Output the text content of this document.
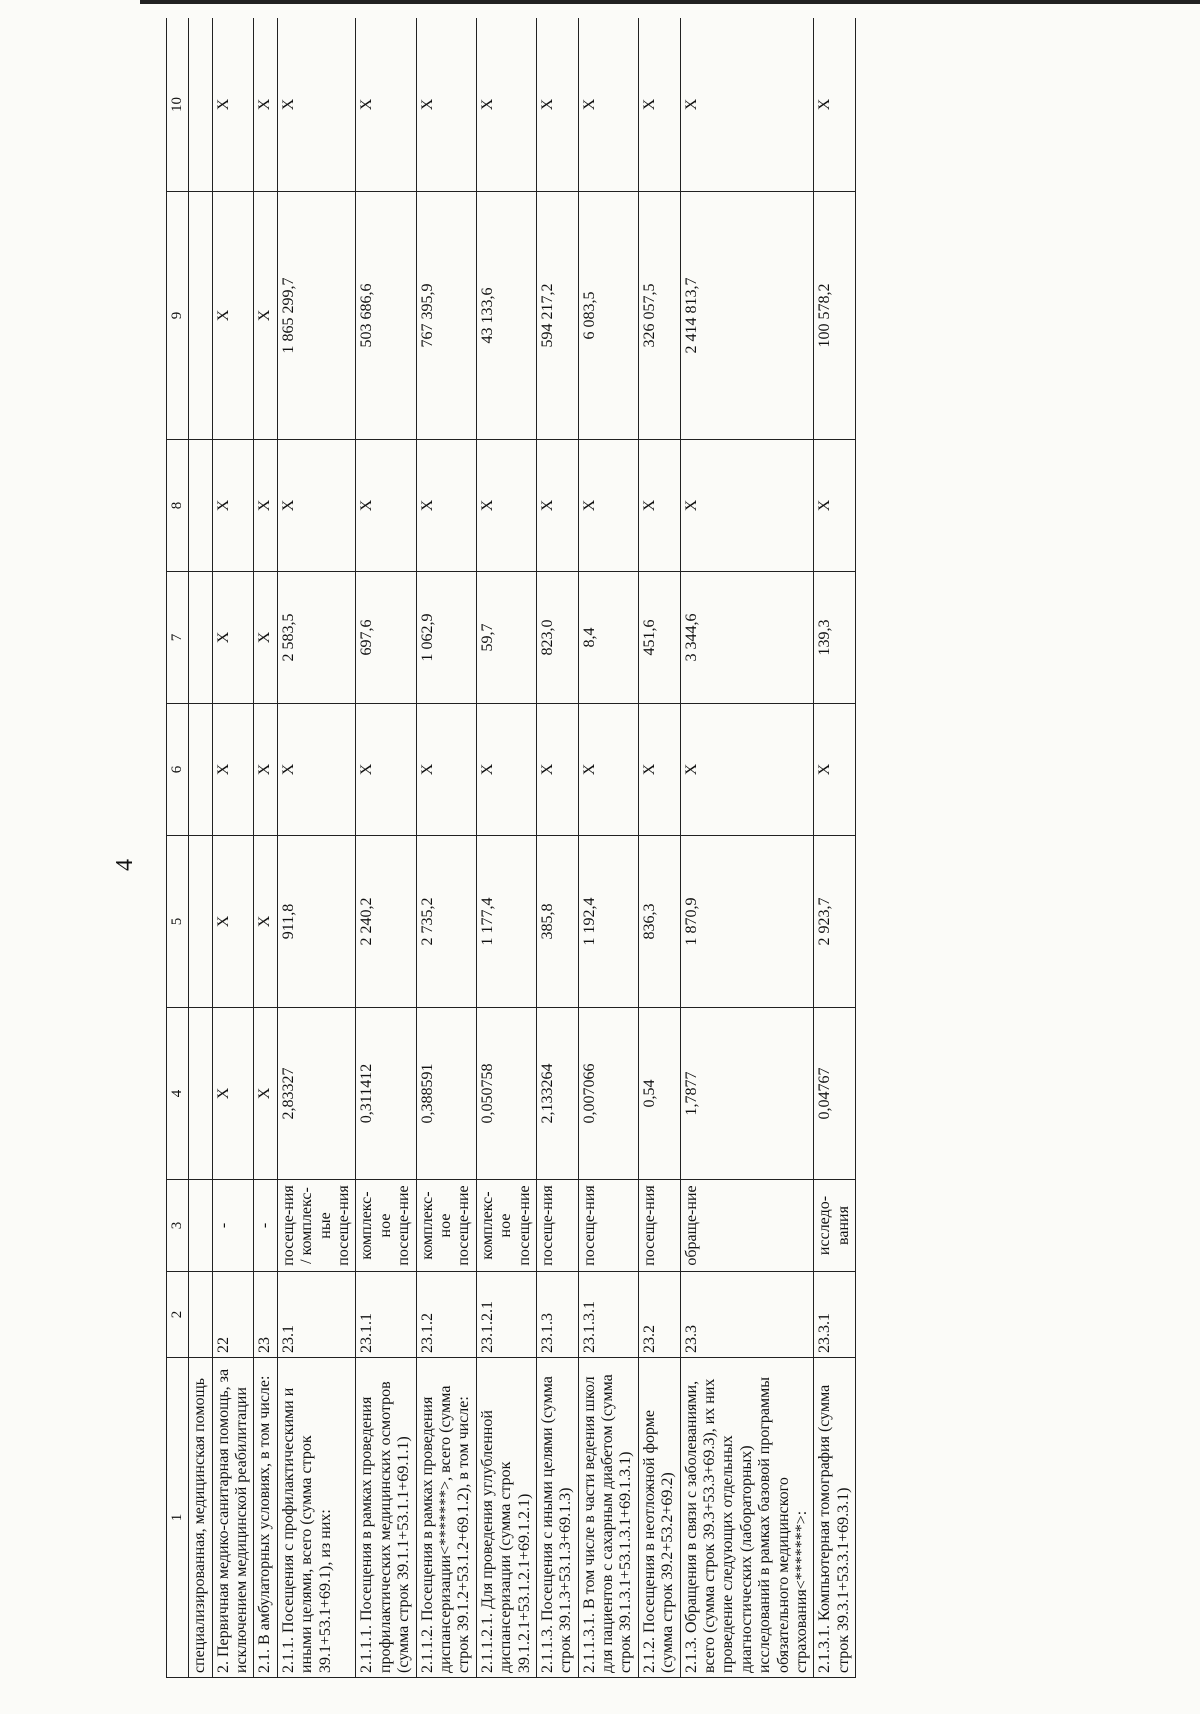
4
1	2	3	4	5	6	7	8	9	10
специализированная, медицинская помощь									
2. Первичная медико-санитарная помощь, за исключением медицинской реабилитации	22	-	Х	Х	Х	Х	Х	Х	Х
2.1. В амбулаторных условиях, в том числе:	23	-	Х	Х	Х	Х	Х	Х	Х
2.1.1. Посещения с профилактическими и иными целями, всего (сумма строк 39.1+53.1+69.1), из них:	23.1	посеще-ния / комплекс-ные посеще-ния	2,83327	911,8	Х	2 583,5	Х	1 865 299,7	Х
2.1.1.1. Посещения в рамках проведения профилактических медицинских осмотров (сумма строк 39.1.1+53.1.1+69.1.1)	23.1.1	комплекс-ное посеще-ние	0,311412	2 240,2	Х	697,6	Х	503 686,6	Х
2.1.1.2. Посещения в рамках проведения диспансеризации<*******>, всего (сумма строк 39.1.2+53.1.2+69.1.2), в том числе:	23.1.2	комплекс-ное посеще-ние	0,388591	2 735,2	Х	1 062,9	Х	767 395,9	Х
2.1.1.2.1. Для проведения углубленной диспансеризации (сумма строк 39.1.2.1+53.1.2.1+69.1.2.1)	23.1.2.1	комплекс-ное посеще-ние	0,050758	1 177,4	Х	59,7	Х	43 133,6	Х
2.1.1.3. Посещения с иными целями (сумма строк 39.1.3+53.1.3+69.1.3)	23.1.3	посеще-ния	2,133264	385,8	Х	823,0	Х	594 217,2	Х
2.1.1.3.1. В том числе в части ведения школ для пациентов с сахарным диабетом (сумма строк 39.1.3.1+53.1.3.1+69.1.3.1)	23.1.3.1	посеще-ния	0,007066	1 192,4	Х	8,4	Х	6 083,5	Х
2.1.2. Посещения в неотложной форме (сумма строк 39.2+53.2+69.2)	23.2	посеще-ния	0,54	836,3	Х	451,6	Х	326 057,5	Х
2.1.3. Обращения в связи с заболеваниями, всего (сумма строк 39.3+53.3+69.3), их них проведение следующих отдельных диагностических (лабораторных) исследований в рамках базовой программы обязательного медицинского страхования<*******>:	23.3	обраще-ние	1,7877	1 870,9	Х	3 344,6	Х	2 414 813,7	Х
2.1.3.1. Компьютерная томография (сумма строк 39.3.1+53.3.1+69.3.1)	23.3.1	исследо-вания	0,04767	2 923,7	Х	139,3	Х	100 578,2	Х
